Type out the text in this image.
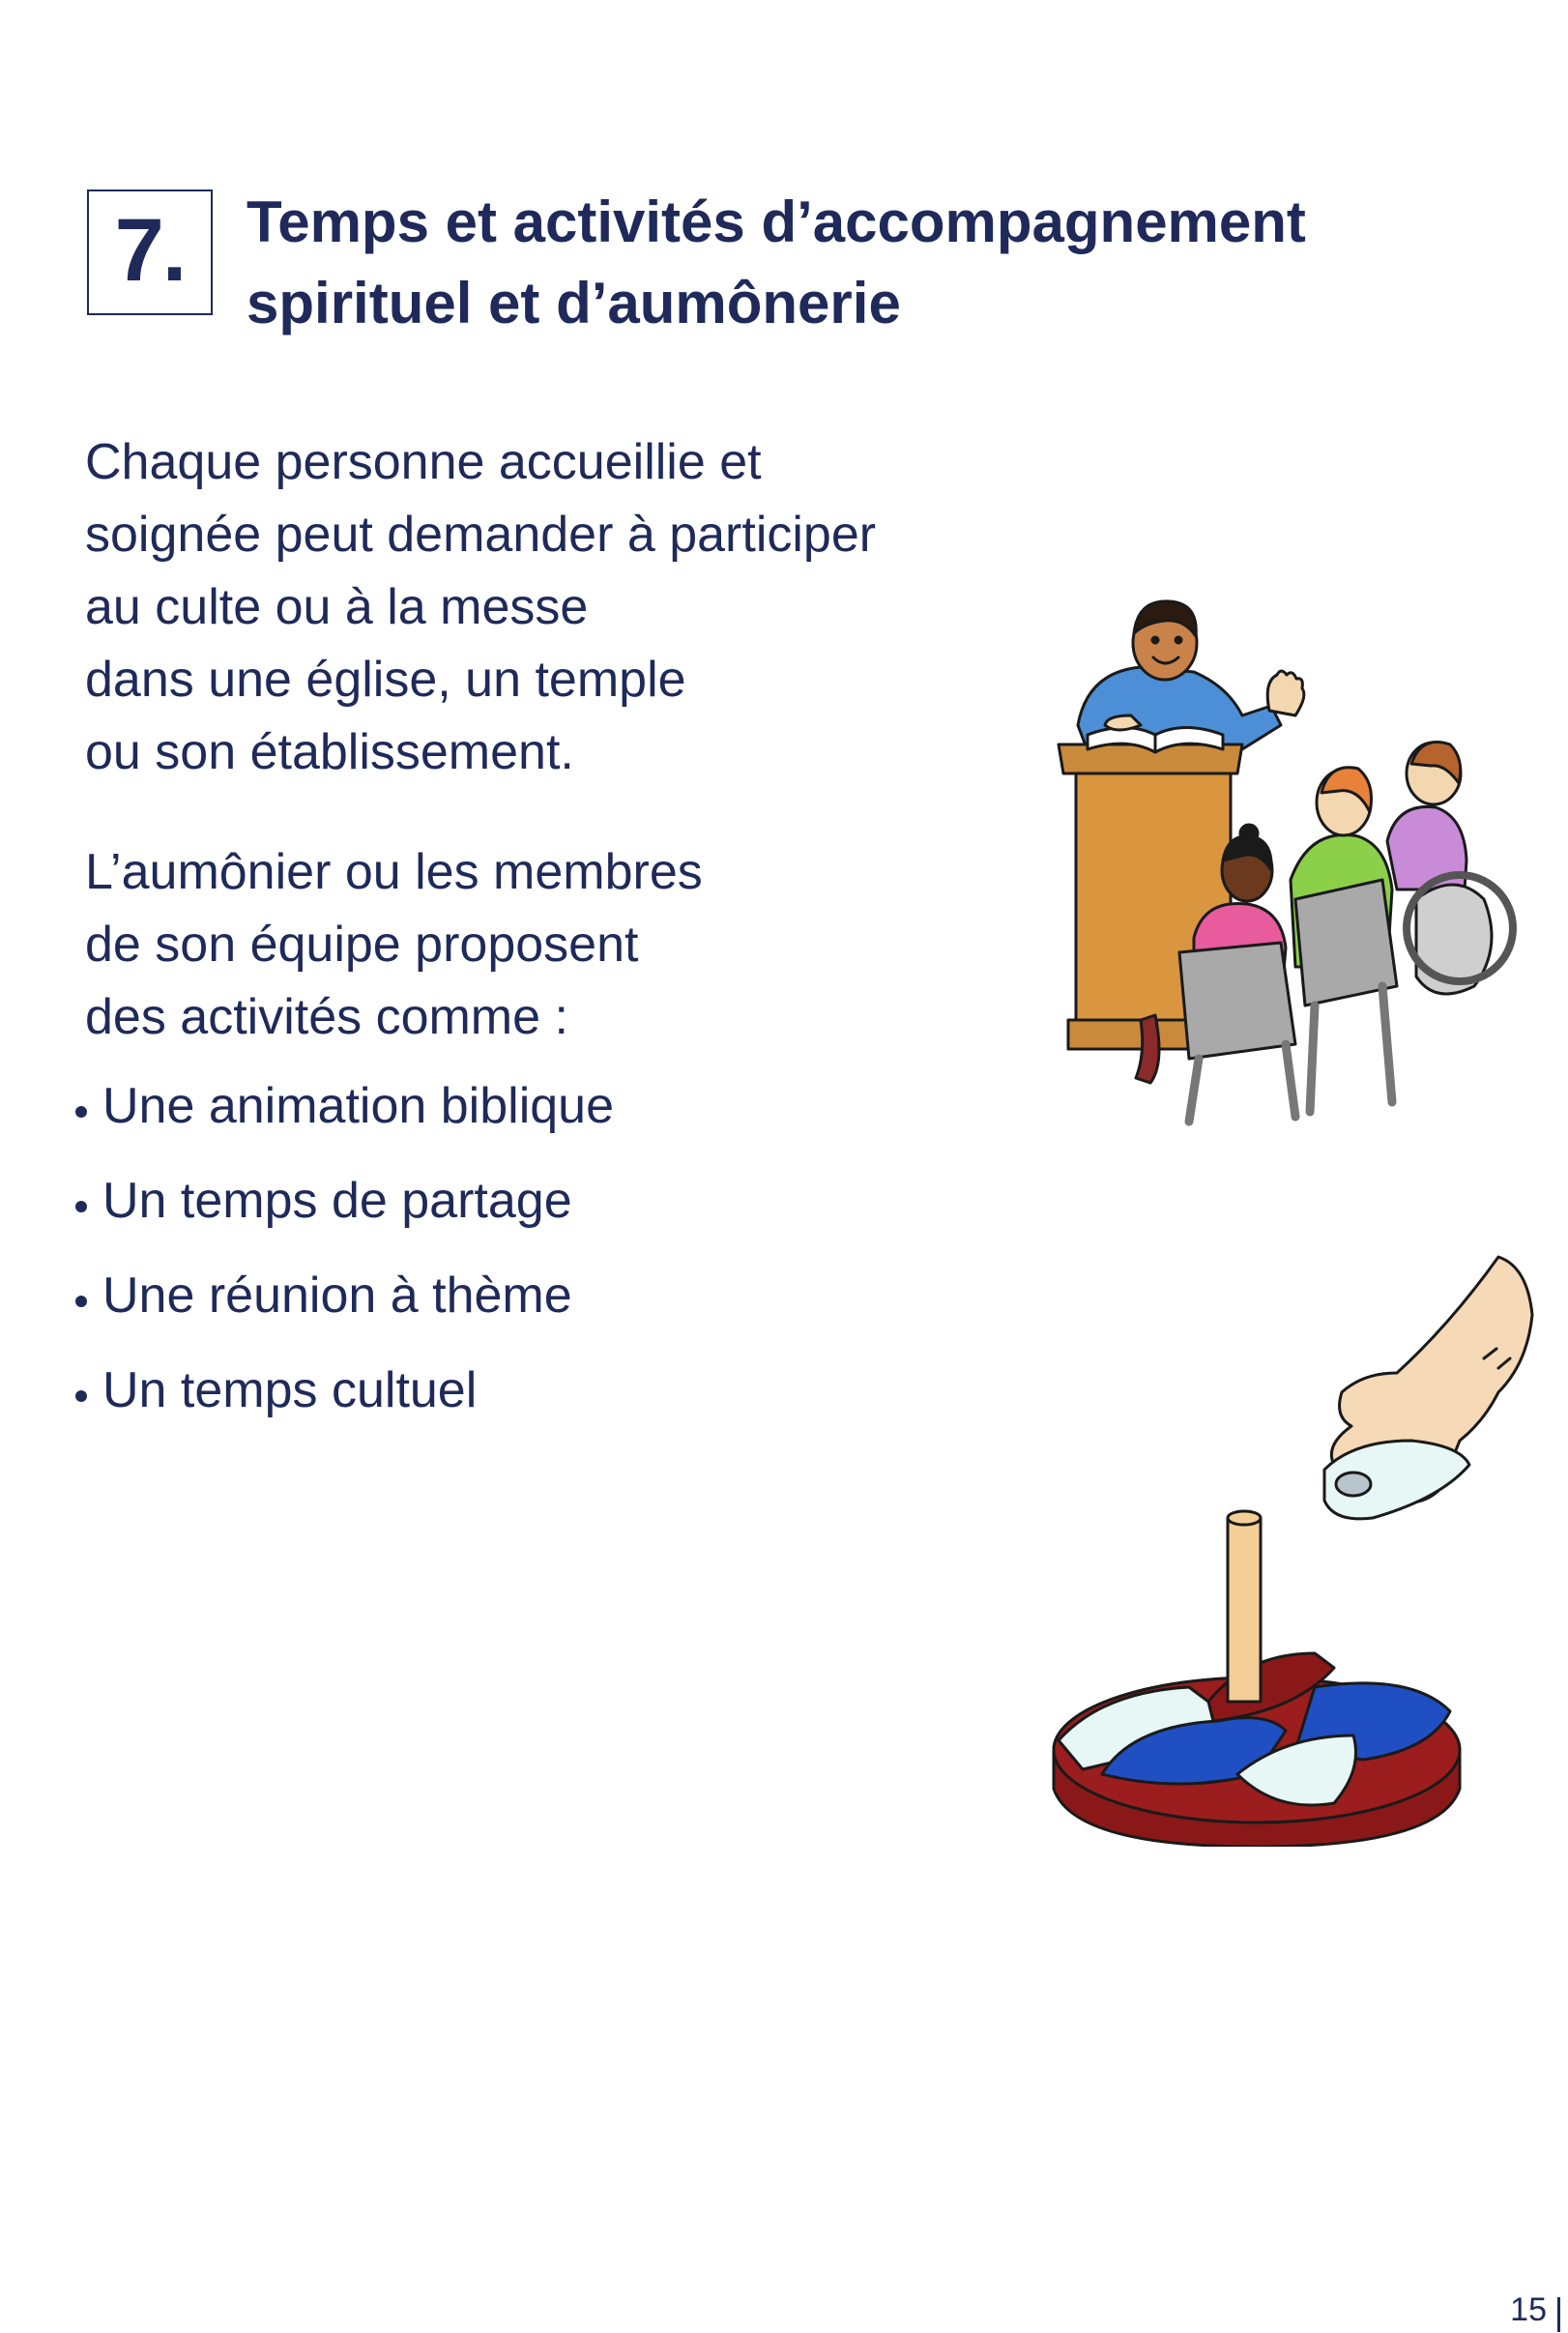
7. Temps et activités d’accompagnement
spirituel et d’aumônerie
Chaque personne accueillie et
soignée peut demander à participer
au culte ou à la messe
dans une église, un temple
ou son établissement.
L’aumônier ou les membres
de son équipe proposent
des activités comme :
Une animation biblique
Un temps de partage
Une réunion à thème
Un temps cultuel
15
